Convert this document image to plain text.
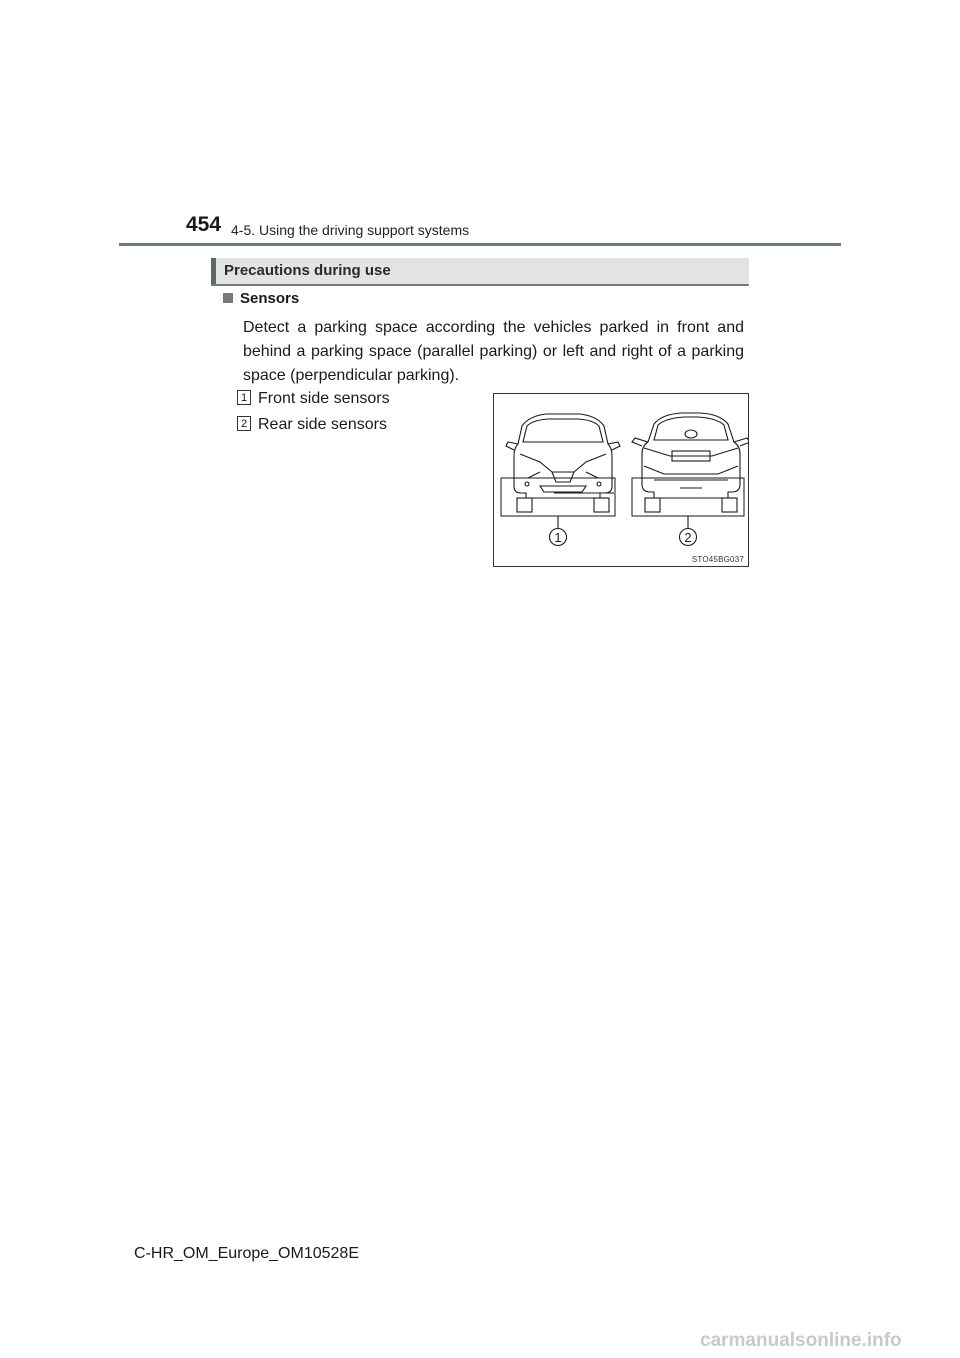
454 4-5. Using the driving support systems
Precautions during use
Sensors

Detect a parking space according the vehicles parked in front and behind a parking space (parallel parking) or left and right of a parking space (perpendicular parking).

1 Front side sensors
2 Rear side sensors
1	2
STO45BG037
C-HR_OM_Europe_OM10528E
carmanualsonline.info
